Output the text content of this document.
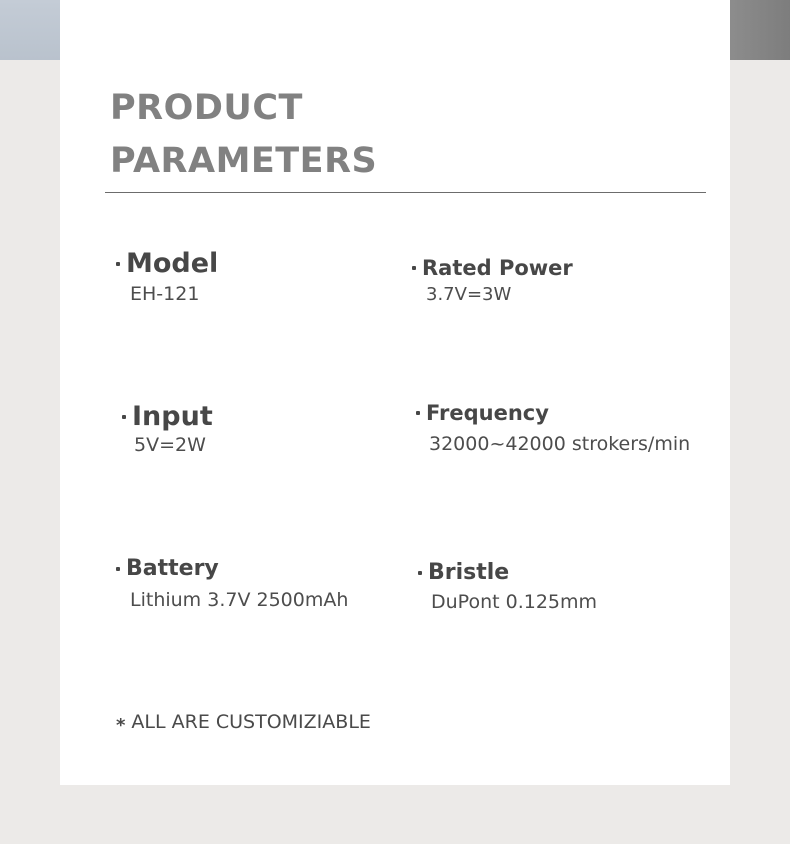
PRODUCT
PARAMETERS
Model
EH-121
Rated Power
3.7V=3W
Input
5V=2W
Frequency
32000~42000 strokers/min
Battery
Lithium 3.7V 2500mAh
Bristle
DuPont 0.125mm
* ALL ARE CUSTOMIZIABLE
